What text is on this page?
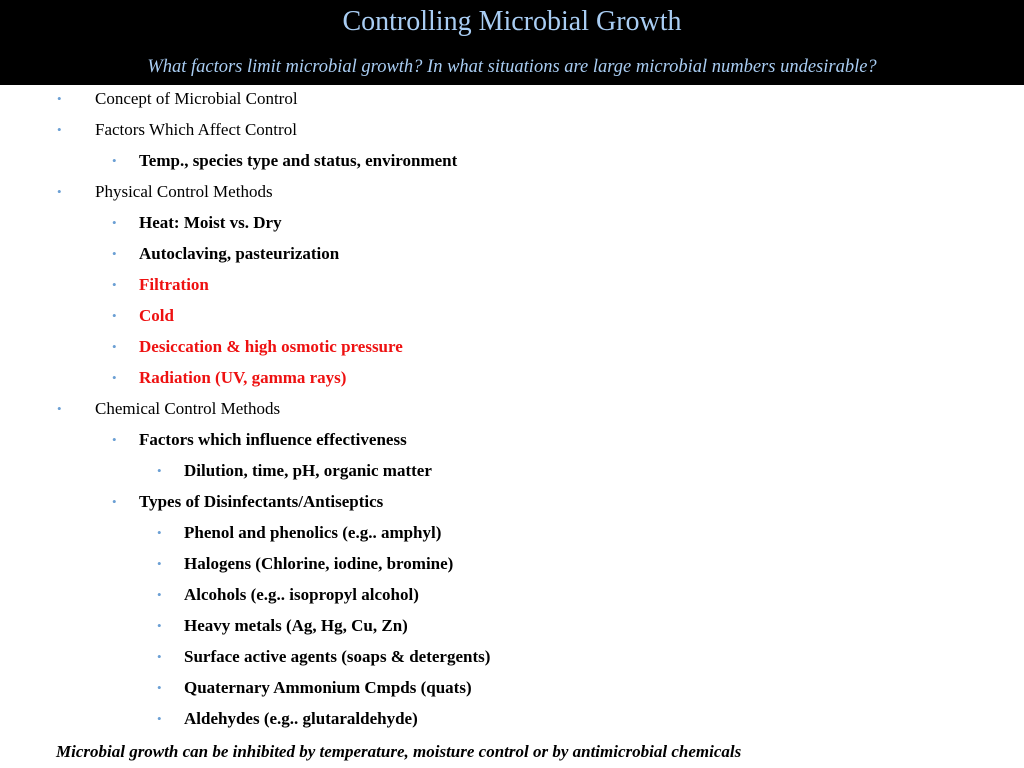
Controlling Microbial Growth
What factors limit microbial growth? In what situations are large microbial numbers undesirable?
• Concept of Microbial Control
• Factors Which Affect Control
• Temp., species type and status, environment
• Physical Control Methods
• Heat: Moist vs. Dry
• Autoclaving, pasteurization
• Filtration
• Cold
• Desiccation & high osmotic pressure
• Radiation (UV, gamma rays)
• Chemical Control Methods
• Factors which influence effectiveness
• Dilution, time, pH, organic matter
• Types of Disinfectants/Antiseptics
• Phenol and phenolics (e.g.. amphyl)
• Halogens (Chlorine, iodine, bromine)
• Alcohols (e.g.. isopropyl alcohol)
• Heavy metals (Ag, Hg, Cu, Zn)
• Surface active agents (soaps & detergents)
• Quaternary Ammonium Cmpds (quats)
• Aldehydes (e.g.. glutaraldehyde)
Microbial growth can be inhibited by temperature, moisture control or by antimicrobial chemicals
